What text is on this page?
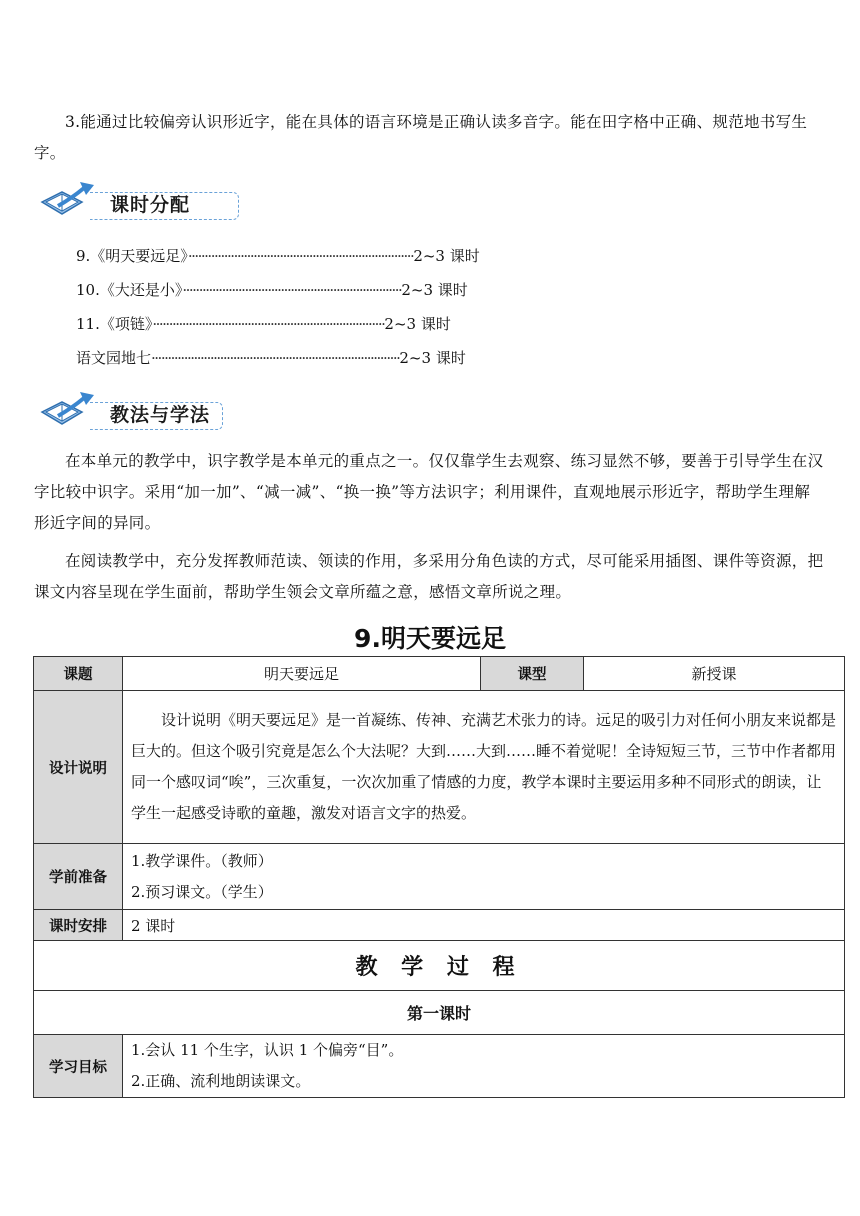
3.能通过比较偏旁认识形近字，能在具体的语言环境是正确认读多音字。能在田字格中正确、规范地书写生字。

课时分配
9.《明天要远足》·····································································2~3 课时
10.《大还是小》···································································2~3 课时
11.《项链》·······································································2~3 课时
语文园地七············································································2~3 课时
教法与学法

在本单元的教学中，识字教学是本单元的重点之一。仅仅靠学生去观察、练习显然不够，要善于引导学生在汉字比较中识字。采用“加一加”、“减一减”、“换一换”等方法识字；利用课件，直观地展示形近字，帮助学生理解形近字间的异同。

在阅读教学中，充分发挥教师范读、领读的作用，多采用分角色读的方式，尽可能采用插图、课件等资源，把课文内容呈现在学生面前，帮助学生领会文章所蕴之意，感悟文章所说之理。

9.明天要远足
课题	明天要远足	课型	新授课
设计说明	设计说明《明天要远足》是一首凝练、传神、充满艺术张力的诗。远足的吸引力对任何小朋友来说都是巨大的。但这个吸引究竟是怎么个大法呢？大到……大到……睡不着觉呢！全诗短短三节，三节中作者都用同一个感叹词“唉”，三次重复，一次次加重了情感的力度，教学本课时主要运用多种不同形式的朗读，让学生一起感受诗歌的童趣，激发对语言文字的热爱。		
学前准备	1.教学课件。（教师）
2.预习课文。（学生）		

课时安排	2 课时		
教 学 过 程			
第一课时			
学习目标	1.会认 11 个生字，认识 1 个偏旁“目”。
2.正确、流利地朗读课文。		
